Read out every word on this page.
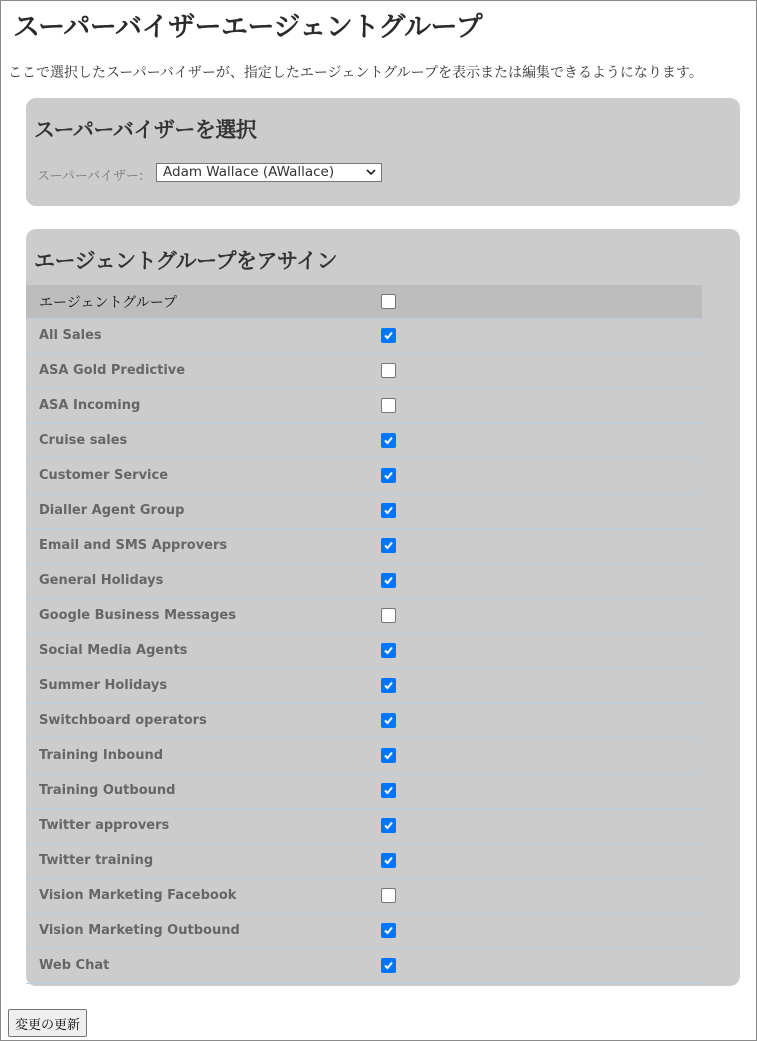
スーパーバイザーエージェントグループ

ここで選択したスーパーバイザーが、指定したエージェントグループを表示または編集できるようになります。

スーパーバイザーを選択
スーパーバイザー:	Adam Wallace (AWallace)
エージェントグループをアサイン
エージェントグループ
All Sales
ASA Gold Predictive
ASA Incoming
Cruise sales
Customer Service
Dialler Agent Group
Email and SMS Approvers
General Holidays
Google Business Messages
Social Media Agents
Summer Holidays
Switchboard operators
Training Inbound
Training Outbound
Twitter approvers
Twitter training
Vision Marketing Facebook
Vision Marketing Outbound
Web Chat
変更の更新
